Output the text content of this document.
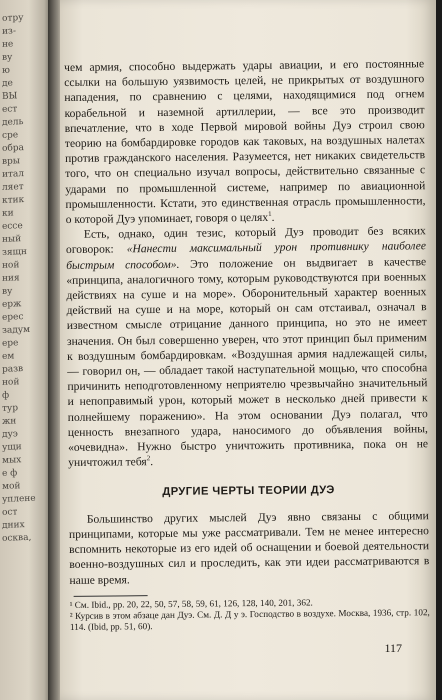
отру
из-
не
ву
ю
де
ВЫ
ест
дель
сре
обра
вры
итал
ляет
ктик
ки
ессе
ный
зящн
ной
ния
ву
ерж
ерес
задум
ере
ем
разв
ной
ф
тур
жн
дуэ
ущи
мых
е ф
мой
уплене
ост
дних
осква,

чем армия, способно выдержать удары авиации, и его постоянные ссылки на большую уязвимость целей, не прикрытых от воздушного нападения, по сравнению с целями, находящимися под огнем корабельной и наземной артиллерии, — все это производит впечатление, что в ходе Первой мировой войны Дуэ строил свою теорию на бомбардировке городов как таковых, на воздушных налетах против гражданского населения. Разумеется, нет никаких свидетельств того, что он специально изучал вопросы, действительно связанные с ударами по промышленной системе, например по авиационной промышленности. Кстати, это единственная отрасль промышленности, о которой Дуэ упоминает, говоря о целях$^1$.

Есть, однако, один тезис, который Дуэ проводит без всяких оговорок: «Нанести максимальный урон противнику наиболее быстрым способом». Это положение он выдвигает в качестве «принципа, аналогичного тому, которым руководствуются при военных действиях на суше и на море». Оборонительный характер военных действий на суше и на море, который он сам отстаивал, означал в известном смысле отрицание данного принципа, но это не имеет значения. Он был совершенно уверен, что этот принцип был применим к воздушным бомбардировкам. «Воздушная армия надлежащей силы, — говорил он, — обладает такой наступательной мощью, что способна причинить неподготовленному неприятелю чрезвычайно значительный и непоправимый урон, который может в несколько дней привести к полнейшему поражению». На этом основании Дуэ полагал, что ценность внезапного удара, наносимого до объявления войны, «очевидна». Нужно быстро уничтожить противника, пока он не уничтожил тебя$^2$.

ДРУГИЕ ЧЕРТЫ ТЕОРИИ ДУЭ

Большинство других мыслей Дуэ явно связаны с общими принципами, которые мы уже рассматривали. Тем не менее интересно вспомнить некоторые из его идей об оснащении и боевой деятельности военно-воздушных сил и проследить, как эти идеи рассматриваются в наше время.

¹ См. Ibid., pp. 20, 22, 50, 57, 58, 59, 61, 126, 128, 140, 201, 362.

² Курсив в этом абзаце дан Дуэ. См. Д. Д у э. Господство в воздухе. Москва, 1936, стр. 102, 114. (Ibid, pp. 51, 60).

117
